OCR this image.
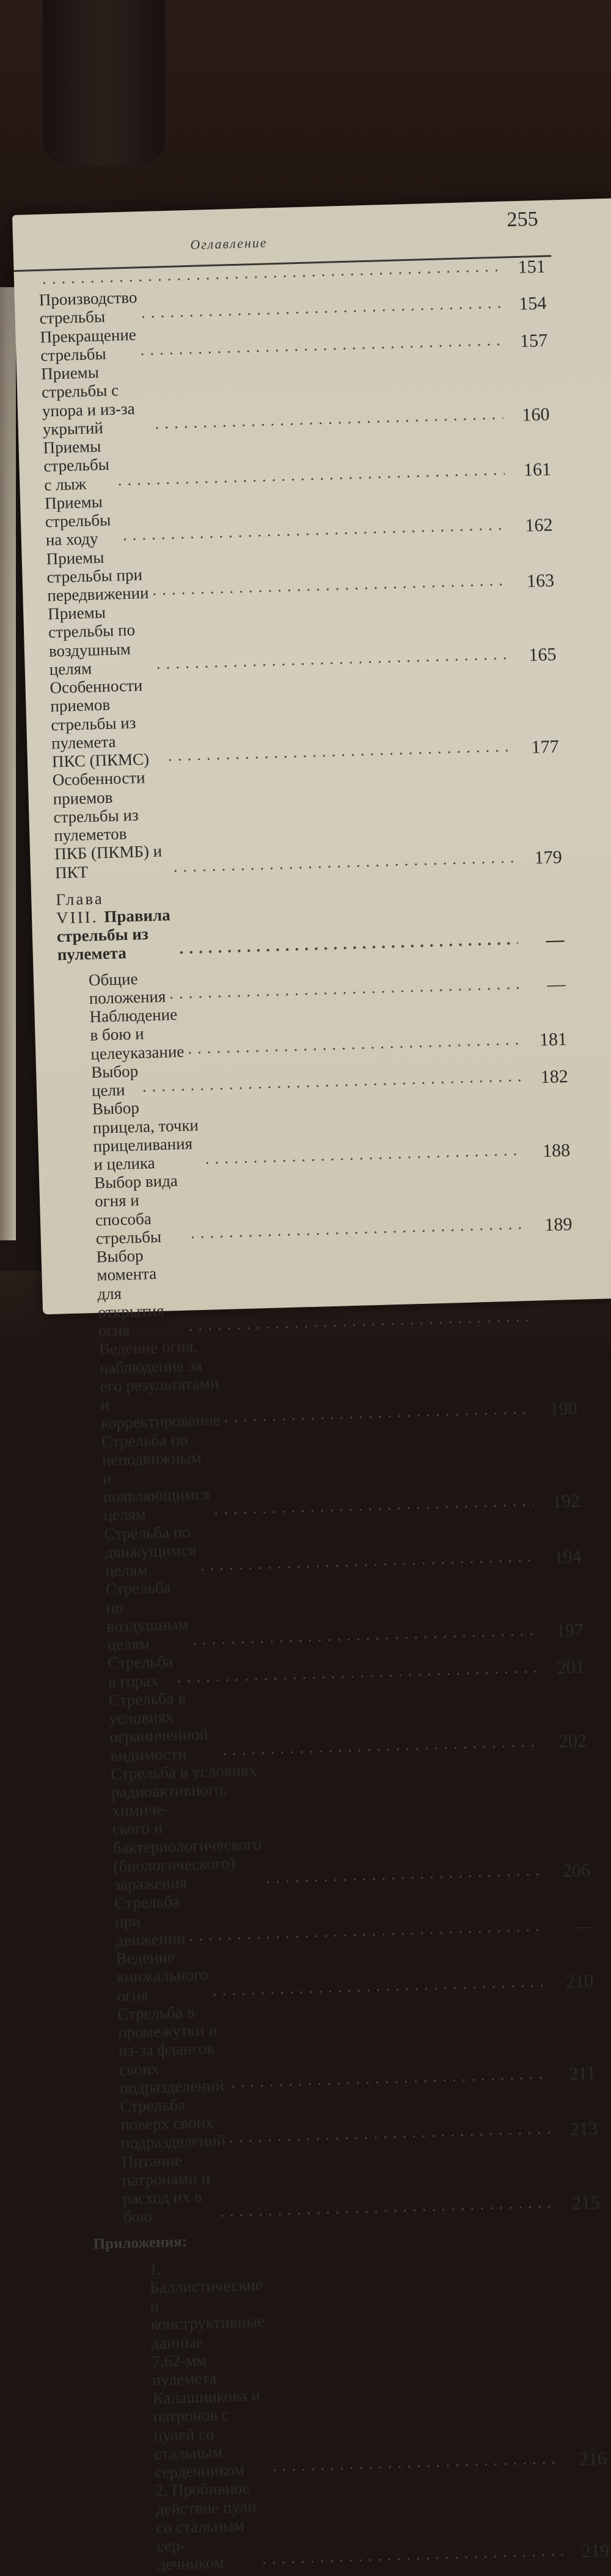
Оглавление
255
.....
151
Производство стрельбы
.....
154
Прекращение стрельбы
.....
157
Приемы стрельбы с упора и из-за укрытий
.....
160
Приемы стрельбы с лыж
.....
161
Приемы стрельбы на ходу
.....
162
Приемы стрельбы при передвижении
.....
163
Приемы стрельбы по воздушным целям
.....
165
Особенности приемов стрельбы из пулемета
ПКС (ПКМС)
.....
177
Особенности приемов стрельбы из пулеметов
ПКБ (ПКМБ) и ПКТ
.....
179
Глава VIII. Правила стрельбы из пулемета
.....
—
Общие положения
.....
—
Наблюдение в бою и целеуказание
.....
181
Выбор цели
.....
182
Выбор прицела, точки прицеливания и целика
.....
188
Выбор вида огня и способа стрельбы
.....
189
Выбор момента для открытия огня
.....
Ведение огня, наблюдение за его результатами
и корректирование
.....
190
Стрельба по неподвижным и появляющимся
целям
.....
192
Стрельба по движущимся целям
.....
194
Стрельба по воздушным целям
.....
197
Стрельба в горах
.....
201
Стрельба в условиях ограниченной видимости
.....
202
Стрельба в условиях радиоактивного, химиче-
ского и бактериологического (биологического)
заражения
.....
206
Стрельба при движении
.....
—
Ведение кинжального огня
.....
210
Стрельба в промежутки и из-за флангов своих
подразделений
.....
211
Стрельба поверх своих подразделений
.....
213
Питание патронами и расход их в бою
.....
215
Приложения:
1. Баллистические и конструктивные данные
7,62-мм пулемета Калашникова и патронов с
пулей со стальным сердечником
.....
216
2. Пробивное действие пули со стальным сер-
дечником
.....
219
